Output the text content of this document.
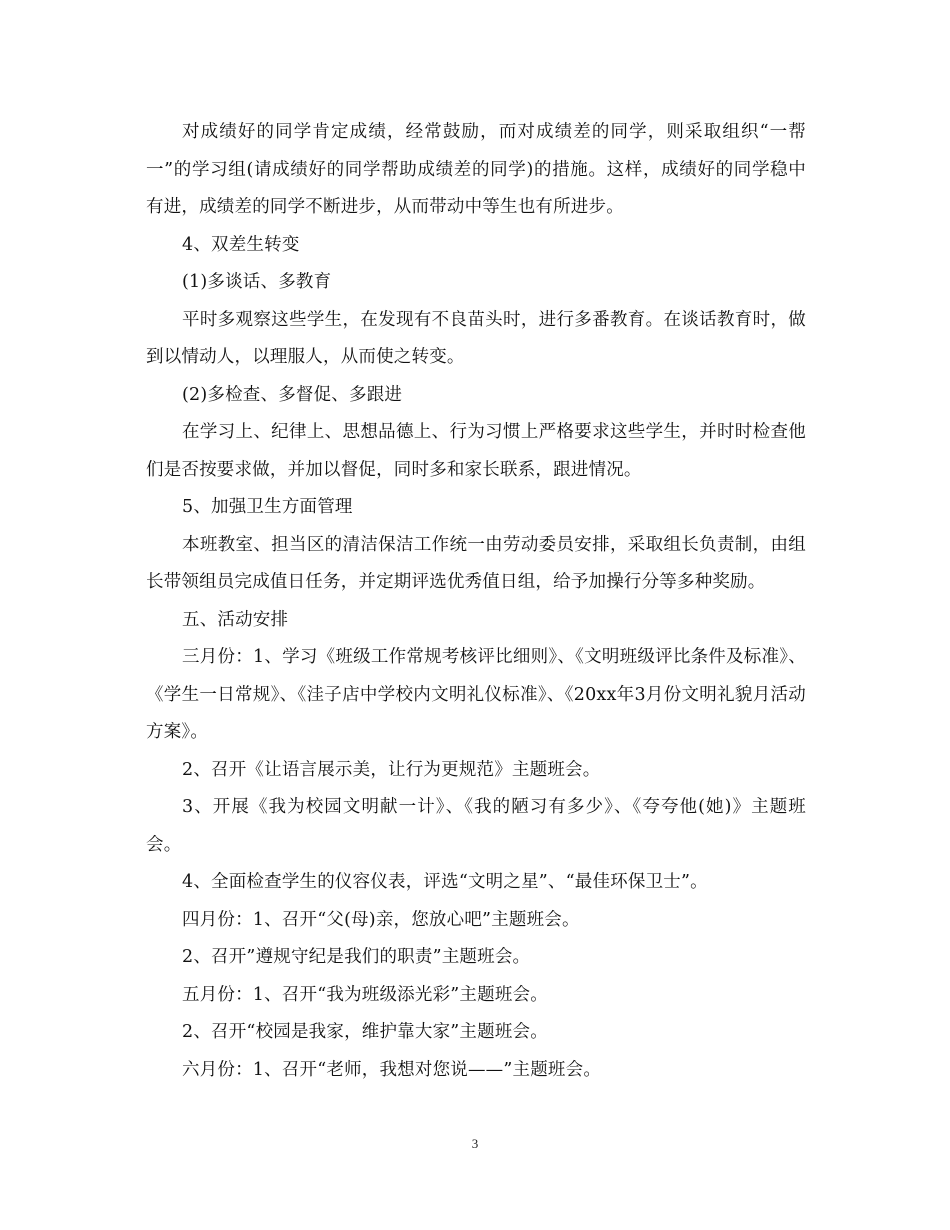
对成绩好的同学肯定成绩，经常鼓励，而对成绩差的同学，则采取组织“一帮一”的学习组(请成绩好的同学帮助成绩差的同学)的措施。这样，成绩好的同学稳中有进，成绩差的同学不断进步，从而带动中等生也有所进步。

4、双差生转变

(1)多谈话、多教育

平时多观察这些学生，在发现有不良苗头时，进行多番教育。在谈话教育时，做到以情动人，以理服人，从而使之转变。

(2)多检查、多督促、多跟进

在学习上、纪律上、思想品德上、行为习惯上严格要求这些学生，并时时检查他们是否按要求做，并加以督促，同时多和家长联系，跟进情况。

5、加强卫生方面管理

本班教室、担当区的清洁保洁工作统一由劳动委员安排，采取组长负责制，由组长带领组员完成值日任务，并定期评选优秀值日组，给予加操行分等多种奖励。

五、活动安排

三月份：1、学习《班级工作常规考核评比细则》、《文明班级评比条件及标准》、《学生一日常规》、《洼子店中学校内文明礼仪标准》、《20xx年3月份文明礼貌月活动方案》。

2、召开《让语言展示美，让行为更规范》主题班会。

3、开展《我为校园文明献一计》、《我的陋习有多少》、《夸夸他(她)》主题班会。

4、全面检查学生的仪容仪表，评选“文明之星”、“最佳环保卫士”。

四月份：1、召开“父(母)亲，您放心吧”主题班会。

2、召开”遵规守纪是我们的职责”主题班会。

五月份：1、召开“我为班级添光彩”主题班会。

2、召开“校园是我家，维护靠大家”主题班会。

六月份：1、召开“老师，我想对您说——”主题班会。

3
